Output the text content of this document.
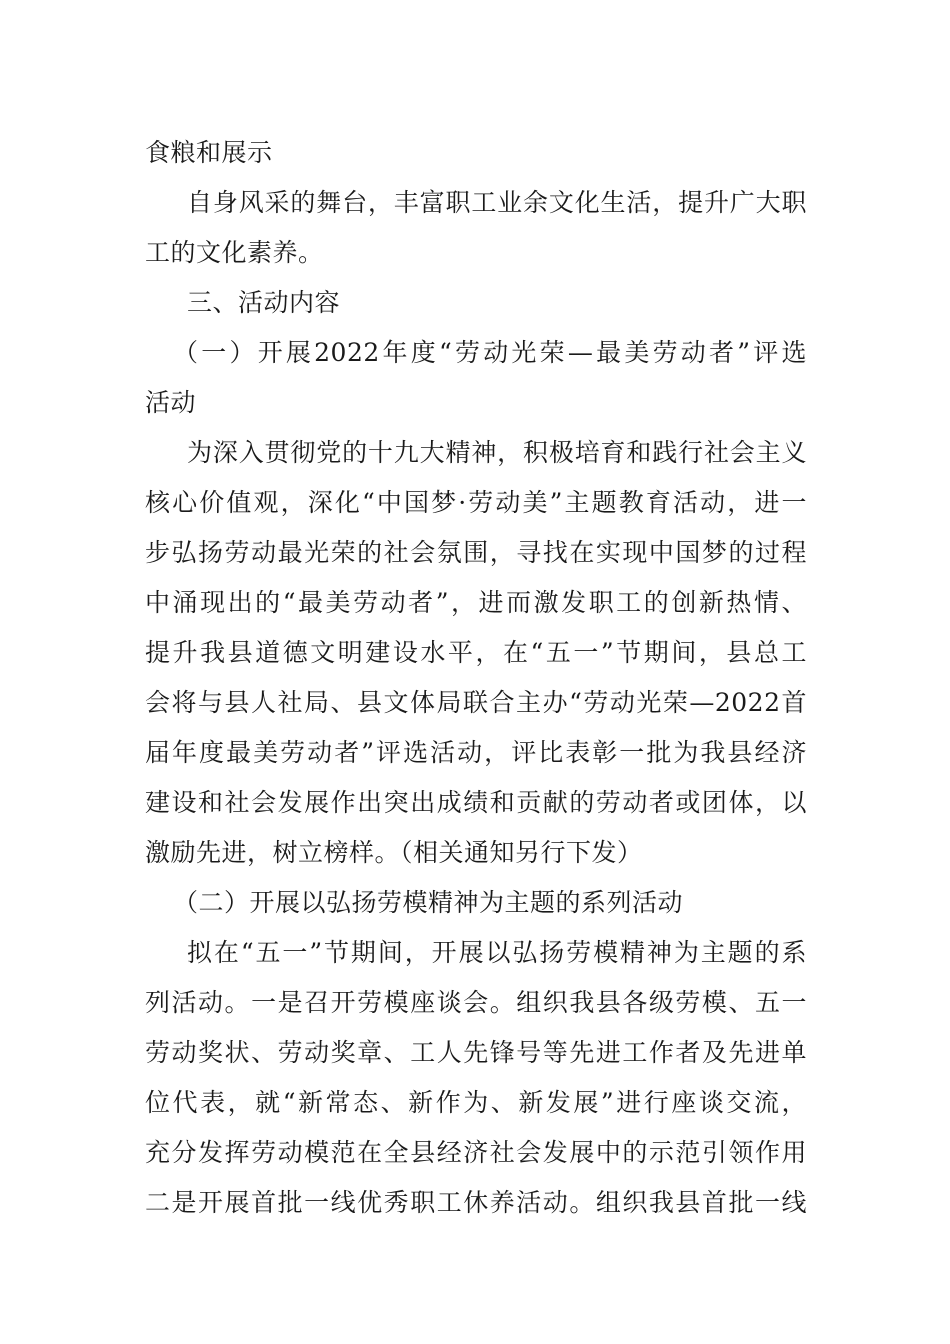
食粮和展示
自身风采的舞台，丰富职工业余文化生活，提升广大职
工的文化素养。
三、活动内容
（一）开展2022年度“劳动光荣—最美劳动者”评选
活动
为深入贯彻党的十九大精神，积极培育和践行社会主义
核心价值观，深化“中国梦·劳动美”主题教育活动，进一
步弘扬劳动最光荣的社会氛围，寻找在实现中国梦的过程
中涌现出的“最美劳动者”，进而激发职工的创新热情、
提升我县道德文明建设水平，在“五一”节期间，县总工
会将与县人社局、县文体局联合主办“劳动光荣—2022首
届年度最美劳动者”评选活动，评比表彰一批为我县经济
建设和社会发展作出突出成绩和贡献的劳动者或团体，以
激励先进，树立榜样。（相关通知另行下发）
（二）开展以弘扬劳模精神为主题的系列活动
拟在“五一”节期间，开展以弘扬劳模精神为主题的系
列活动。一是召开劳模座谈会。组织我县各级劳模、五一
劳动奖状、劳动奖章、工人先锋号等先进工作者及先进单
位代表，就“新常态、新作为、新发展”进行座谈交流，
充分发挥劳动模范在全县经济社会发展中的示范引领作用
二是开展首批一线优秀职工休养活动。组织我县首批一线
